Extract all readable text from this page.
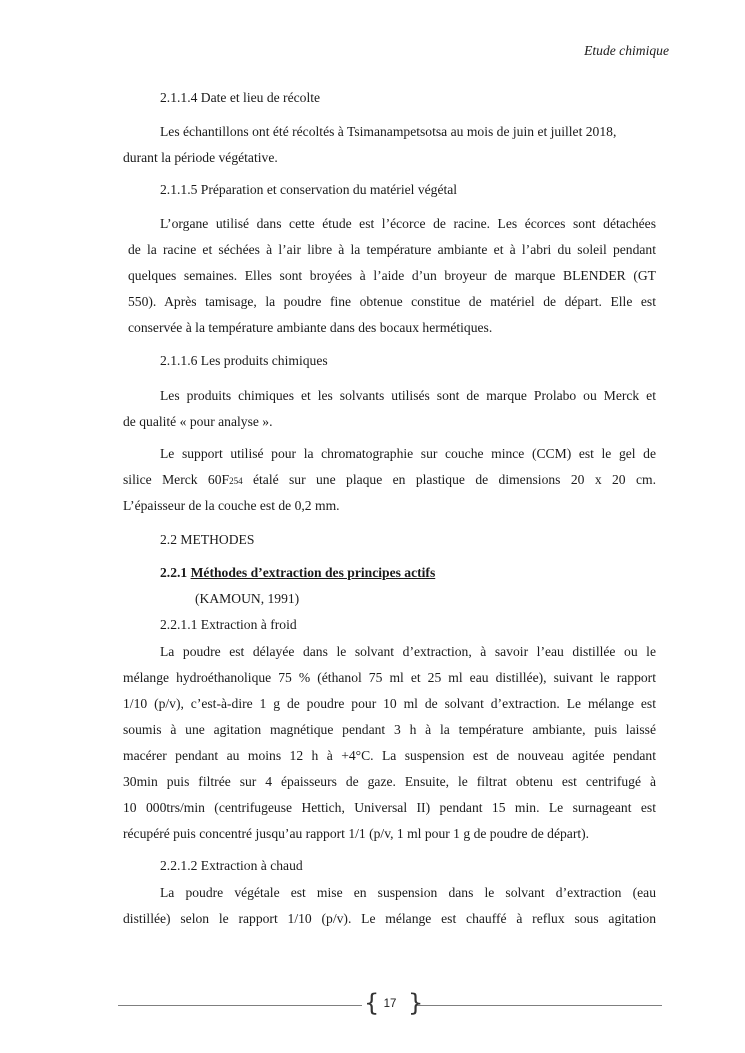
Etude chimique
2.1.1.4 Date et lieu de récolte
Les échantillons ont été récoltés à Tsimanampetsotsa au mois de juin et juillet 2018,
durant la période végétative.
2.1.1.5 Préparation et conservation du matériel végétal
L’organe utilisé dans cette étude est l’écorce de racine. Les écorces sont détachées
de la racine et séchées à l’air libre à la température ambiante et à l’abri du soleil pendant
quelques semaines. Elles sont broyées à l’aide d’un broyeur de marque BLENDER (GT
550). Après tamisage, la poudre fine obtenue constitue de matériel de départ. Elle est
conservée à la température ambiante dans des bocaux hermétiques.
2.1.1.6 Les produits chimiques
Les produits chimiques et les solvants utilisés sont de marque Prolabo ou Merck et
de qualité « pour analyse ».
Le support utilisé pour la chromatographie sur couche mince (CCM) est le gel de
silice Merck 60F254 étalé sur une plaque en plastique de dimensions 20 x 20 cm.
L’épaisseur de la couche est de 0,2 mm.
2.2 METHODES
2.2.1 Méthodes d’extraction des principes actifs
(KAMOUN, 1991)
2.2.1.1 Extraction à froid
La poudre est délayée dans le solvant d’extraction, à savoir l’eau distillée ou le
mélange hydroéthanolique 75 % (éthanol 75 ml et 25 ml eau distillée), suivant le rapport
1/10 (p/v), c’est-à-dire 1 g de poudre pour 10 ml de solvant d’extraction. Le mélange est
soumis à une agitation magnétique pendant 3 h à la température ambiante, puis laissé
macérer pendant au moins 12 h à +4°C. La suspension est de nouveau agitée pendant
30min puis filtrée sur 4 épaisseurs de gaze. Ensuite, le filtrat obtenu est centrifugé à
10 000trs/min (centrifugeuse Hettich, Universal II) pendant 15 min. Le surnageant est
récupéré puis concentré jusqu’au rapport 1/1 (p/v, 1 ml pour 1 g de poudre de départ).
2.2.1.2 Extraction à chaud
La poudre végétale est mise en suspension dans le solvant d’extraction (eau
distillée) selon le rapport 1/10 (p/v). Le mélange est chauffé à reflux sous agitation
{ }
17
